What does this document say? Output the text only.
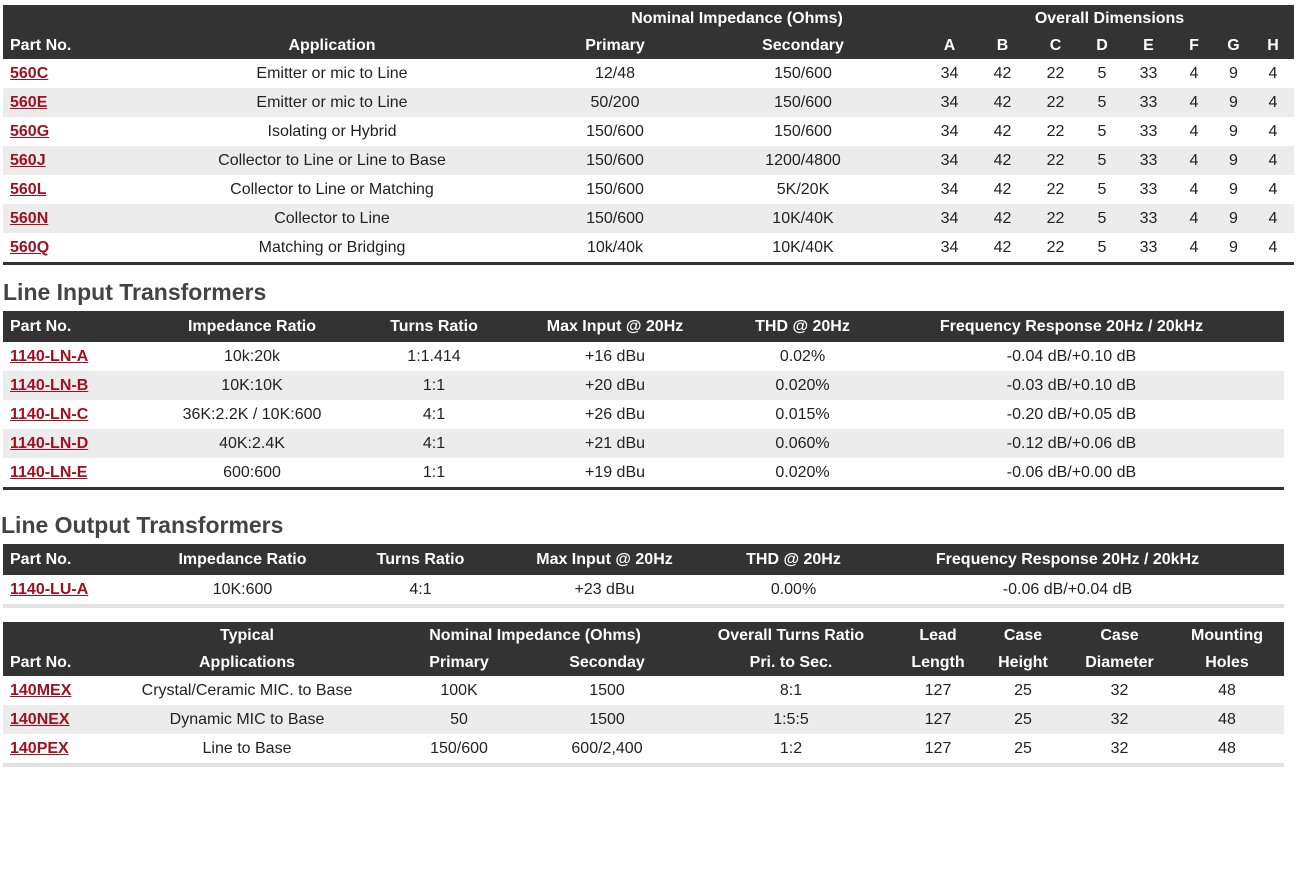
		Nominal Impedance (Ohms)		Overall Dimensions							
Part No.	Application	Primary	Secondary	A	B	C	D	E	F	G	H
560C	Emitter or mic to Line	12/48	150/600	34	42	22	5	33	4	9	4
560E	Emitter or mic to Line	50/200	150/600	34	42	22	5	33	4	9	4
560G	Isolating or Hybrid	150/600	150/600	34	42	22	5	33	4	9	4
560J	Collector to Line or Line to Base	150/600	1200/4800	34	42	22	5	33	4	9	4
560L	Collector to Line or Matching	150/600	5K/20K	34	42	22	5	33	4	9	4
560N	Collector to Line	150/600	10K/40K	34	42	22	5	33	4	9	4
560Q	Matching or Bridging	10k/40k	10K/40K	34	42	22	5	33	4	9	4
Line Input Transformers
Part No.	Impedance Ratio	Turns Ratio	Max Input @ 20Hz	THD @ 20Hz	Frequency Response 20Hz / 20kHz
1140-LN-A	10k:20k	1:1.414	+16 dBu	0.02%	-0.04 dB/+0.10 dB
1140-LN-B	10K:10K	1:1	+20 dBu	0.020%	-0.03 dB/+0.10 dB
1140-LN-C	36K:2.2K / 10K:600	4:1	+26 dBu	0.015%	-0.20 dB/+0.05 dB
1140-LN-D	40K:2.4K	4:1	+21 dBu	0.060%	-0.12 dB/+0.06 dB
1140-LN-E	600:600	1:1	+19 dBu	0.020%	-0.06 dB/+0.00 dB
Line Output Transformers
Part No.	Impedance Ratio	Turns Ratio	Max Input @ 20Hz	THD @ 20Hz	Frequency Response 20Hz / 20kHz
1140-LU-A	10K:600	4:1	+23 dBu	0.00%	-0.06 dB/+0.04 dB
	Typical	Nominal Impedance (Ohms)		Overall Turns Ratio	Lead	Case	Case	Mounting
Part No.	Applications	Primary	Seconday	Pri. to Sec.	Length	Height	Diameter	Holes
140MEX	Crystal/Ceramic MIC. to Base	100K	1500	8:1	127	25	32	48
140NEX	Dynamic MIC to Base	50	1500	1:5:5	127	25	32	48
140PEX	Line to Base	150/600	600/2,400	1:2	127	25	32	48
